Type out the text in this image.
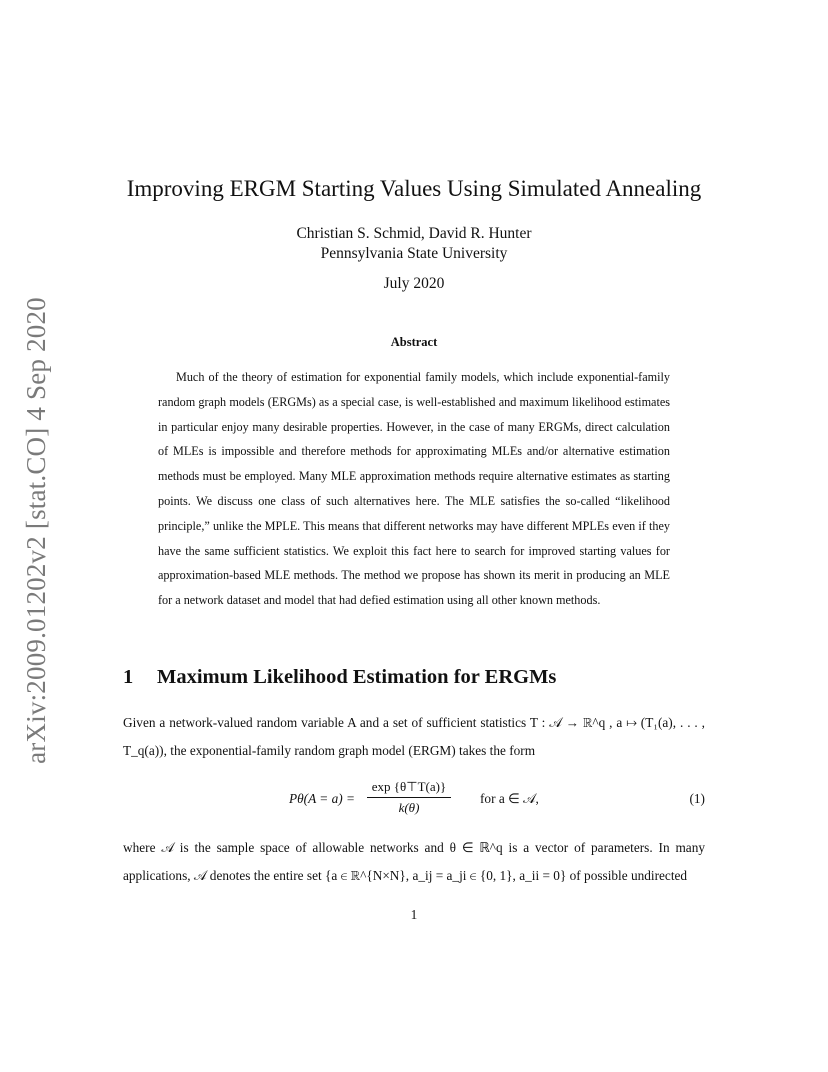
arXiv:2009.01202v2 [stat.CO] 4 Sep 2020
Improving ERGM Starting Values Using Simulated Annealing
Christian S. Schmid, David R. Hunter
Pennsylvania State University
July 2020
Abstract
Much of the theory of estimation for exponential family models, which include exponential-family random graph models (ERGMs) as a special case, is well-established and maximum likelihood estimates in particular enjoy many desirable properties. However, in the case of many ERGMs, direct calculation of MLEs is impossible and therefore methods for approximating MLEs and/or alternative estimation methods must be employed. Many MLE approximation methods require alternative estimates as starting points. We discuss one class of such alternatives here. The MLE satisfies the so-called “likelihood principle,” unlike the MPLE. This means that different networks may have different MPLEs even if they have the same sufficient statistics. We exploit this fact here to search for improved starting values for approximation-based MLE methods. The method we propose has shown its merit in producing an MLE for a network dataset and model that had defied estimation using all other known methods.
1 Maximum Likelihood Estimation for ERGMs
Given a network-valued random variable A and a set of sufficient statistics T : 𝒜 → ℝ^q , a ↦ (T₁(a), . . . , T_q(a)), the exponential-family random graph model (ERGM) takes the form
Pθ(A = a) =
exp {θ⊤T(a)}
k(θ)
for a ∈ 𝒜,	(1)
where 𝒜 is the sample space of allowable networks and θ ∈ ℝ^q is a vector of parameters. In many applications, 𝒜 denotes the entire set {a ∈ ℝ^{N×N}, a_ij = a_ji ∈ {0, 1}, a_ii = 0} of possible undirected
1
